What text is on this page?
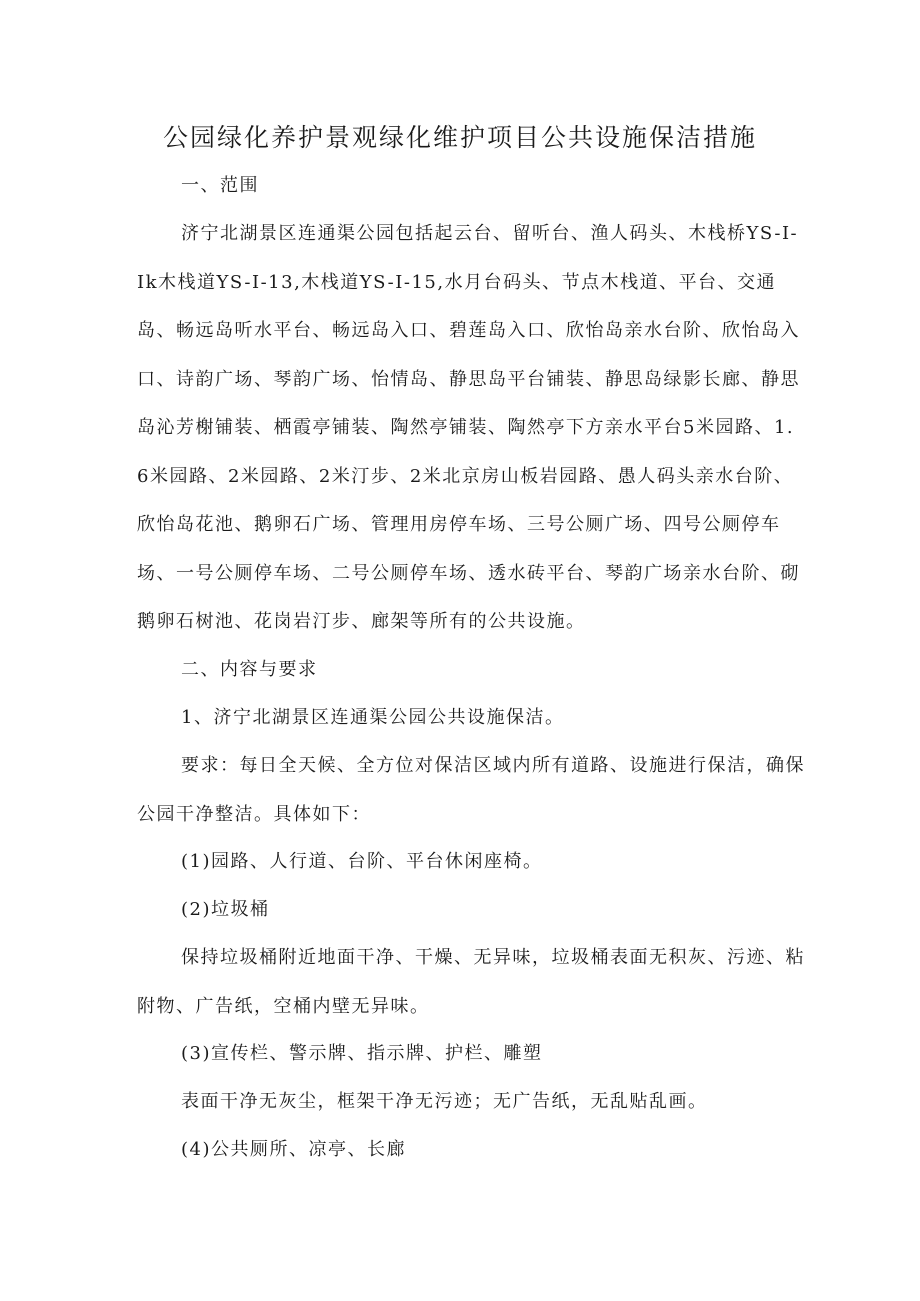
公园绿化养护景观绿化维护项目公共设施保洁措施
一、范围

济宁北湖景区连通渠公园包括起云台、留听台、渔人码头、木栈桥YS-I-Ik木栈道YS-I-13,木栈道YS-I-15,水月台码头、节点木栈道、平台、交通岛、畅远岛听水平台、畅远岛入口、碧莲岛入口、欣怡岛亲水台阶、欣怡岛入口、诗韵广场、琴韵广场、怡情岛、静思岛平台铺装、静思岛绿影长廊、静思岛沁芳榭铺装、栖霞亭铺装、陶然亭铺装、陶然亭下方亲水平台5米园路、1.6米园路、2米园路、2米汀步、2米北京房山板岩园路、愚人码头亲水台阶、欣怡岛花池、鹅卵石广场、管理用房停车场、三号公厕广场、四号公厕停车场、一号公厕停车场、二号公厕停车场、透水砖平台、琴韵广场亲水台阶、砌鹅卵石树池、花岗岩汀步、廊架等所有的公共设施。

二、内容与要求
1、济宁北湖景区连通渠公园公共设施保洁。

要求：每日全天候、全方位对保洁区域内所有道路、设施进行保洁，确保公园干净整洁。具体如下：

(1)园路、人行道、台阶、平台休闲座椅。
(2)垃圾桶

保持垃圾桶附近地面干净、干燥、无异味，垃圾桶表面无积灰、污迹、粘附物、广告纸，空桶内壁无异味。

(3)宣传栏、警示牌、指示牌、护栏、雕塑
表面干净无灰尘，框架干净无污迹；无广告纸，无乱贴乱画。
(4)公共厕所、凉亭、长廊
